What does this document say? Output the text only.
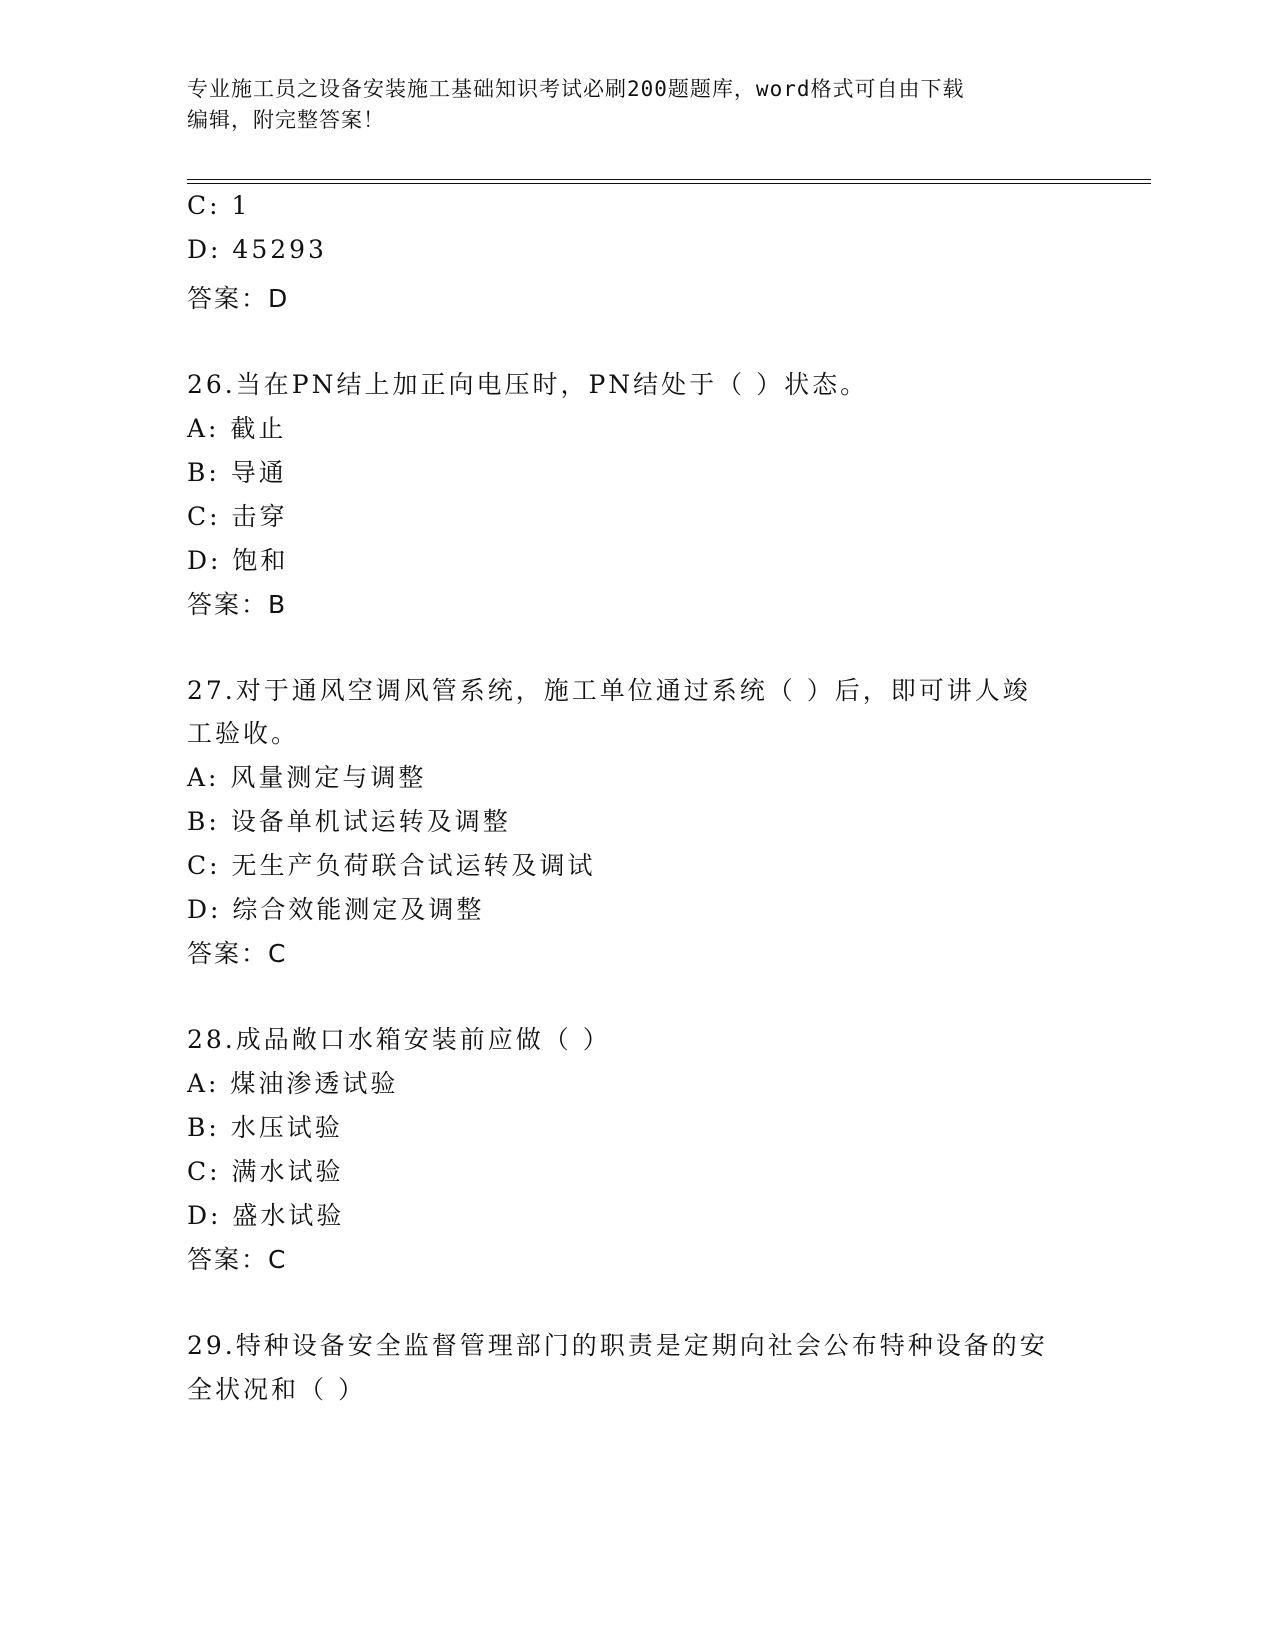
专业施工员之设备安装施工基础知识考试必刷200题题库，word格式可自由下载
编辑，附完整答案！
C: 1
D: 45293
答案：D
26.当在PN结上加正向电压时，PN结处于（ ）状态。
A: 截止
B: 导通
C: 击穿
D: 饱和
答案：B
27.对于通风空调风管系统，施工单位通过系统（ ）后，即可讲人竣
工验收。
A: 风量测定与调整
B: 设备单机试运转及调整
C: 无生产负荷联合试运转及调试
D: 综合效能测定及调整
答案：C
28.成品敞口水箱安装前应做（ ）
A: 煤油渗透试验
B: 水压试验
C: 满水试验
D: 盛水试验
答案：C
29.特种设备安全监督管理部门的职责是定期向社会公布特种设备的安
全状况和（ ）
